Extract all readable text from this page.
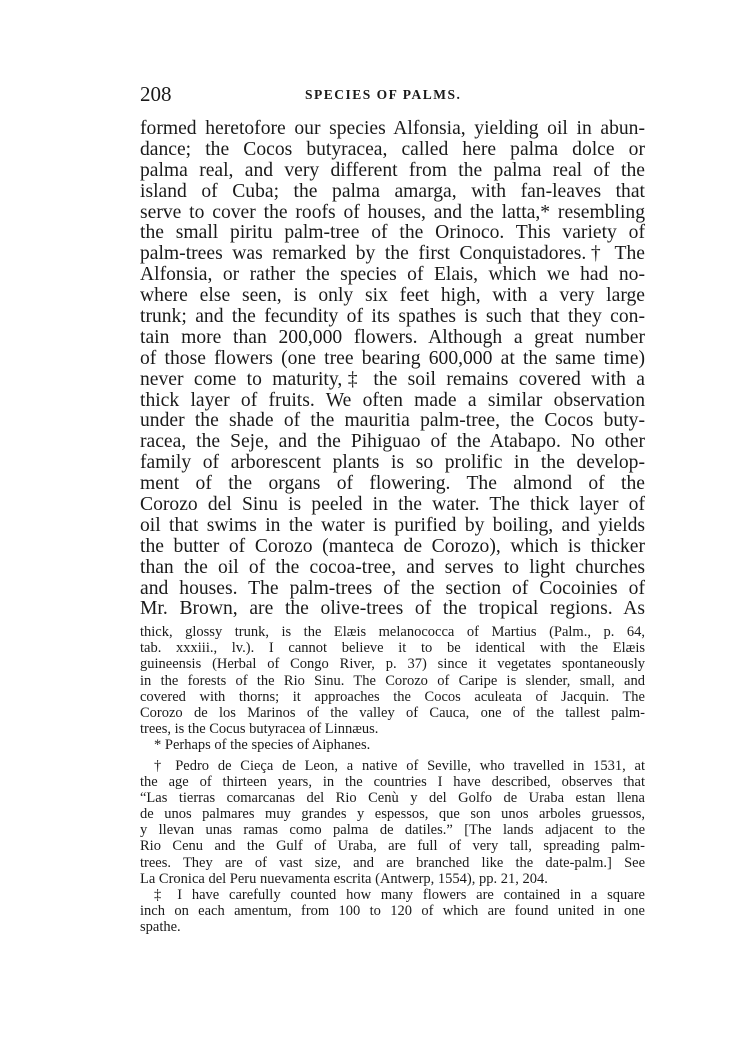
208	SPECIES OF PALMS.
formed heretofore our species Alfonsia, yielding oil in abun-
dance; the Cocos butyracea, called here palma dolce or
palma real, and very different from the palma real of the
island of Cuba; the palma amarga, with fan-leaves that
serve to cover the roofs of houses, and the latta,* resembling
the small piritu palm-tree of the Orinoco. This variety of
palm-trees was remarked by the first Conquistadores.† The
Alfonsia, or rather the species of Elais, which we had no-
where else seen, is only six feet high, with a very large
trunk; and the fecundity of its spathes is such that they con-
tain more than 200,000 flowers. Although a great number
of those flowers (one tree bearing 600,000 at the same time)
never come to maturity,‡ the soil remains covered with a
thick layer of fruits. We often made a similar observation
under the shade of the mauritia palm-tree, the Cocos buty-
racea, the Seje, and the Pihiguao of the Atabapo. No other
family of arborescent plants is so prolific in the develop-
ment of the organs of flowering. The almond of the
Corozo del Sinu is peeled in the water. The thick layer of
oil that swims in the water is purified by boiling, and yields
the butter of Corozo (manteca de Corozo), which is thicker
than the oil of the cocoa-tree, and serves to light churches
and houses. The palm-trees of the section of Cocoinies of
Mr. Brown, are the olive-trees of the tropical regions. As
thick, glossy trunk, is the Elæis melanococca of Martius (Palm., p. 64,
tab. xxxiii., lv.). I cannot believe it to be identical with the Elæis
guineensis (Herbal of Congo River, p. 37) since it vegetates spontaneously
in the forests of the Rio Sinu. The Corozo of Caripe is slender, small, and
covered with thorns; it approaches the Cocos aculeata of Jacquin. The
Corozo de los Marinos of the valley of Cauca, one of the tallest palm-
trees, is the Cocus butyracea of Linnæus.
* Perhaps of the species of Aiphanes.
† Pedro de Cieça de Leon, a native of Seville, who travelled in 1531, at
the age of thirteen years, in the countries I have described, observes that
“Las tierras comarcanas del Rio Cenù y del Golfo de Uraba estan llena
de unos palmares muy grandes y espessos, que son unos arboles gruessos,
y llevan unas ramas como palma de datiles.” [The lands adjacent to the
Rio Cenu and the Gulf of Uraba, are full of very tall, spreading palm-
trees. They are of vast size, and are branched like the date-palm.] See
La Cronica del Peru nuevamenta escrita (Antwerp, 1554), pp. 21, 204.
‡ I have carefully counted how many flowers are contained in a square
inch on each amentum, from 100 to 120 of which are found united in one
spathe.
